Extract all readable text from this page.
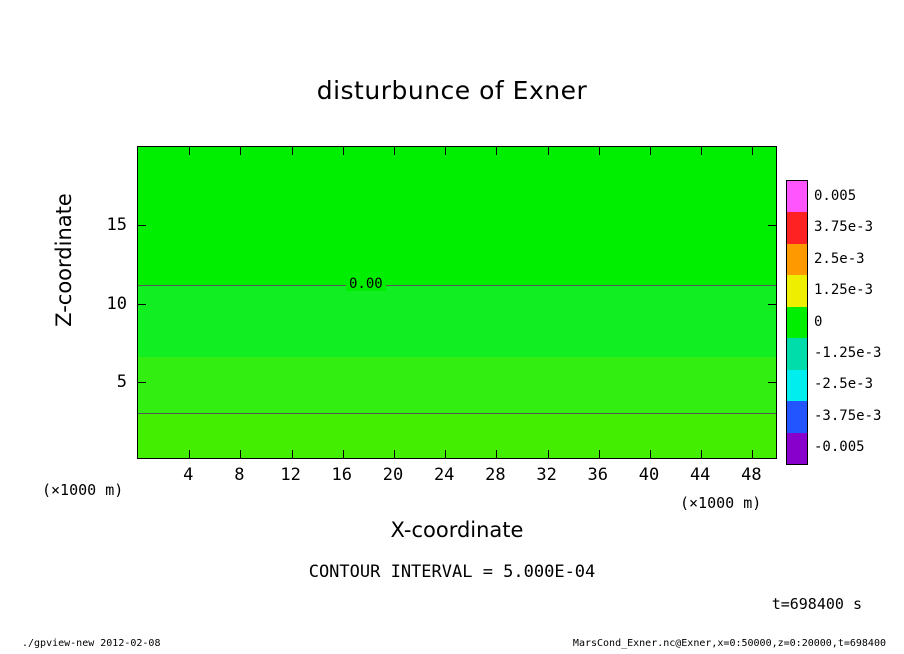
disturbunce of Exner
0.00
4	8	12	16	20	24	28	32	36	40	44	48
5
10
15
Z-coordinate
X-coordinate
(×1000 m)
(×1000 m)
0.005
3.75e-3
2.5e-3
1.25e-3
0
-1.25e-3
-2.5e-3
-3.75e-3
-0.005
CONTOUR INTERVAL = 5.000E-04
t=698400 s
./gpview-new 2012-02-08	MarsCond_Exner.nc@Exner,x=0:50000,z=0:20000,t=698400
